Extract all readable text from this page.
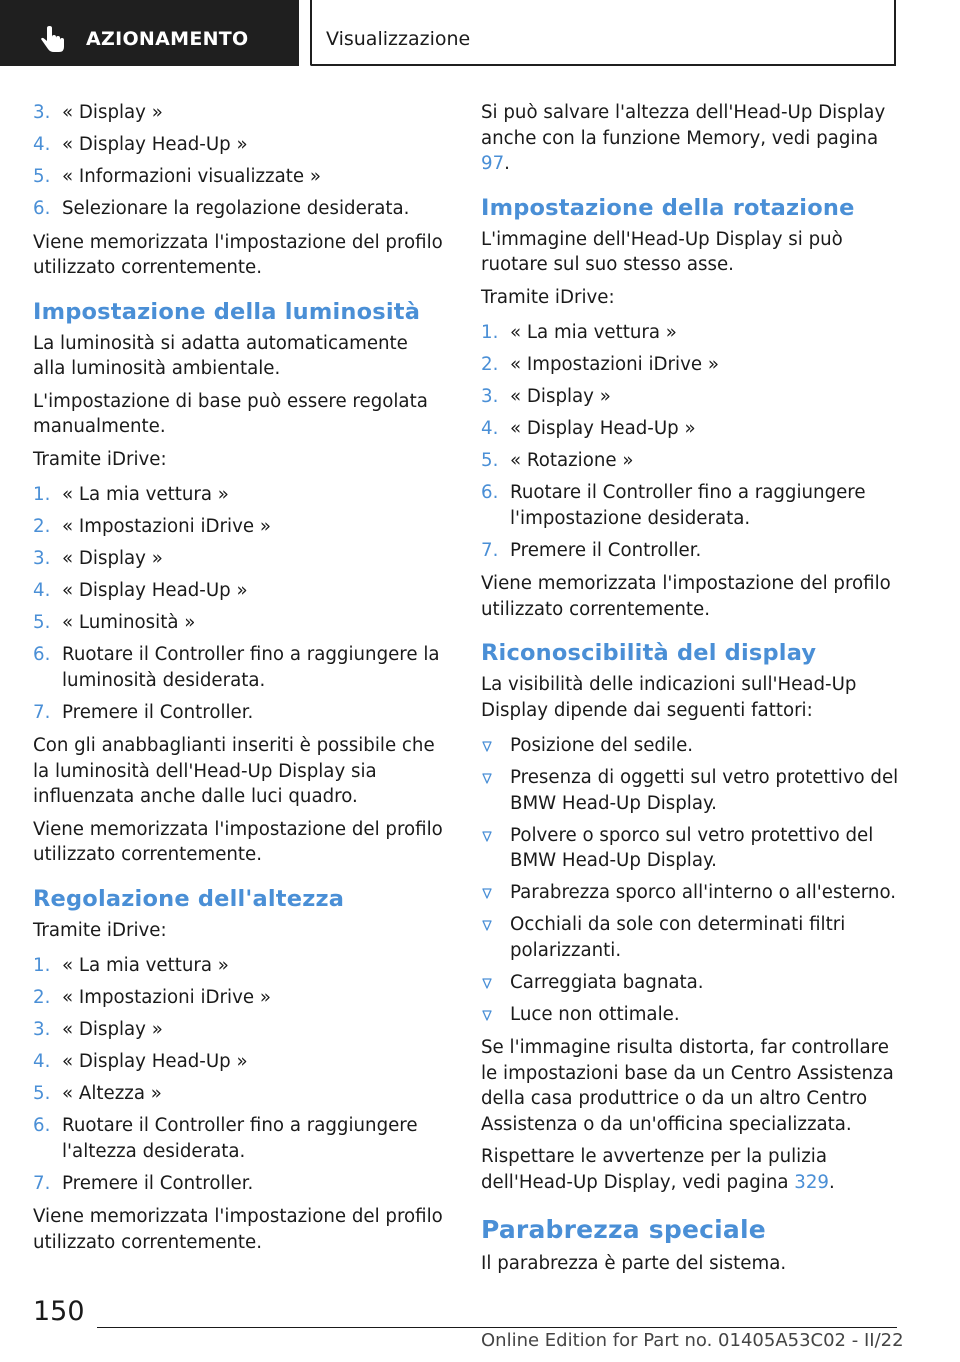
AZIONAMENTO	Visualizzazione
3. « Display »
4. « Display Head-Up »
5. « Informazioni visualizzate »
6. Selezionare la regolazione desiderata.

Viene memorizzata l'impostazione del profilo utilizzato correntemente.

Impostazione della luminosità

La luminosità si adatta automaticamente alla luminosità ambientale.

L'impostazione di base può essere regolata manualmente.

Tramite iDrive:

1. « La mia vettura »
2. « Impostazioni iDrive »
3. « Display »
4. « Display Head-Up »
5. « Luminosità »
6. Ruotare il Controller fino a raggiungere la luminosità desiderata.
7. Premere il Controller.

Con gli anabbaglianti inseriti è possibile che la luminosità dell'Head-Up Display sia influenzata anche dalle luci quadro.

Viene memorizzata l'impostazione del profilo utilizzato correntemente.

Regolazione dell'altezza

Tramite iDrive:

1. « La mia vettura »
2. « Impostazioni iDrive »
3. « Display »
4. « Display Head-Up »
5. « Altezza »
6. Ruotare il Controller fino a raggiungere l'altezza desiderata.
7. Premere il Controller.

Viene memorizzata l'impostazione del profilo utilizzato correntemente.

Si può salvare l'altezza dell'Head-Up Display anche con la funzione Memory, vedi pagina 97.

Impostazione della rotazione

L'immagine dell'Head-Up Display si può ruotare sul suo stesso asse.

Tramite iDrive:

1. « La mia vettura »
2. « Impostazioni iDrive »
3. « Display »
4. « Display Head-Up »
5. « Rotazione »
6. Ruotare il Controller fino a raggiungere l'impostazione desiderata.
7. Premere il Controller.

Viene memorizzata l'impostazione del profilo utilizzato correntemente.

Riconoscibilità del display

La visibilità delle indicazioni sull'Head-Up Display dipende dai seguenti fattori:

Posizione del sedile.
Presenza di oggetti sul vetro protettivo del BMW Head-Up Display.
Polvere o sporco sul vetro protettivo del BMW Head-Up Display.
Parabrezza sporco all'interno o all'esterno.
Occhiali da sole con determinati filtri polarizzanti.
Carreggiata bagnata.
Luce non ottimale.

Se l'immagine risulta distorta, far controllare le impostazioni base da un Centro Assistenza della casa produttrice o da un altro Centro Assistenza o da un'officina specializzata.

Rispettare le avvertenze per la pulizia dell'Head-Up Display, vedi pagina 329.

Parabrezza speciale

Il parabrezza è parte del sistema.

150
Online Edition for Part no. 01405A53C02 - II/22
